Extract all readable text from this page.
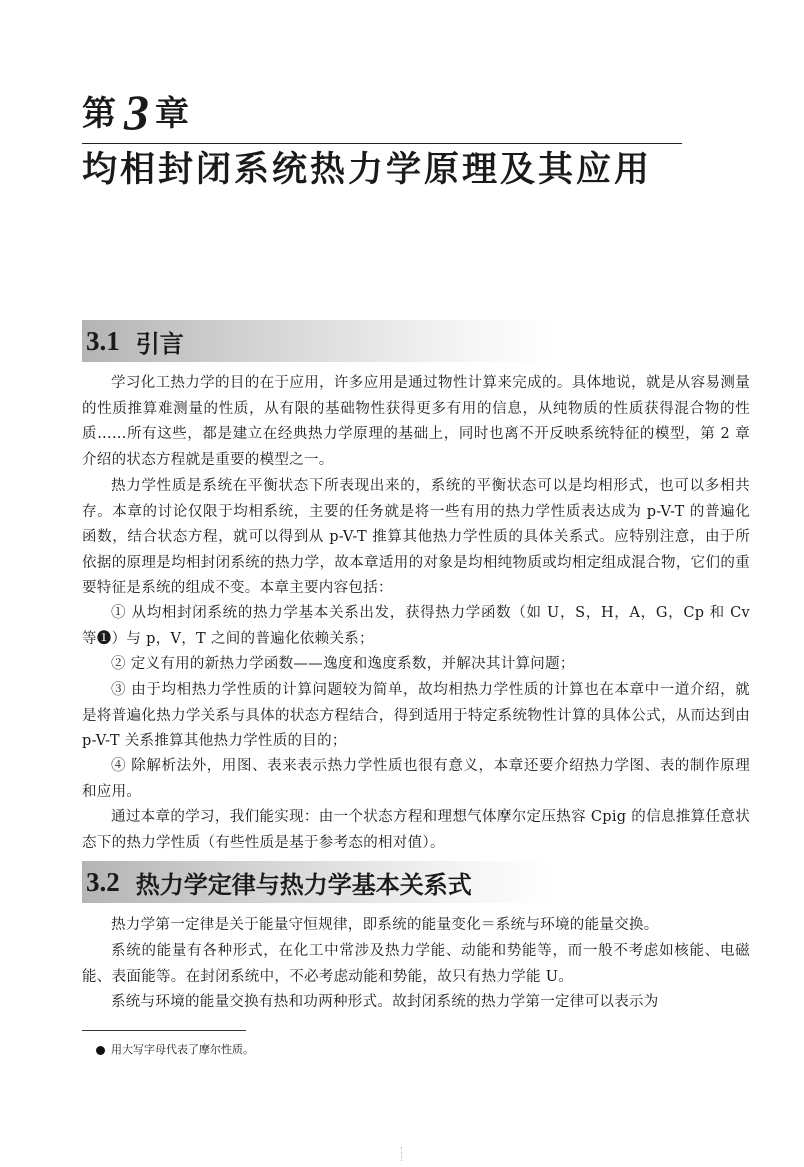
第 3 章
均相封闭系统热力学原理及其应用
3.1 引言

学习化工热力学的目的在于应用，许多应用是通过物性计算来完成的。具体地说，就是从容易测量的性质推算难测量的性质，从有限的基础物性获得更多有用的信息，从纯物质的性质获得混合物的性质……所有这些，都是建立在经典热力学原理的基础上，同时也离不开反映系统特征的模型，第 2 章介绍的状态方程就是重要的模型之一。

热力学性质是系统在平衡状态下所表现出来的，系统的平衡状态可以是均相形式，也可以多相共存。本章的讨论仅限于均相系统，主要的任务就是将一些有用的热力学性质表达成为 p-V-T 的普遍化函数，结合状态方程，就可以得到从 p-V-T 推算其他热力学性质的具体关系式。应特别注意，由于所依据的原理是均相封闭系统的热力学，故本章适用的对象是均相纯物质或均相定组成混合物，它们的重要特征是系统的组成不变。本章主要内容包括：

① 从均相封闭系统的热力学基本关系出发，获得热力学函数（如 U，S，H，A，G，Cp 和 Cv 等❶）与 p，V，T 之间的普遍化依赖关系；

② 定义有用的新热力学函数——逸度和逸度系数，并解决其计算问题；

③ 由于均相热力学性质的计算问题较为简单，故均相热力学性质的计算也在本章中一道介绍，就是将普遍化热力学关系与具体的状态方程结合，得到适用于特定系统物性计算的具体公式，从而达到由 p-V-T 关系推算其他热力学性质的目的；

④ 除解析法外，用图、表来表示热力学性质也很有意义，本章还要介绍热力学图、表的制作原理和应用。

通过本章的学习，我们能实现：由一个状态方程和理想气体摩尔定压热容 Cpig 的信息推算任意状态下的热力学性质（有些性质是基于参考态的相对值）。

3.2 热力学定律与热力学基本关系式

热力学第一定律是关于能量守恒规律，即系统的能量变化＝系统与环境的能量交换。

系统的能量有各种形式，在化工中常涉及热力学能、动能和势能等，而一般不考虑如核能、电磁能、表面能等。在封闭系统中，不必考虑动能和势能，故只有热力学能 U。

系统与环境的能量交换有热和功两种形式。故封闭系统的热力学第一定律可以表示为

用大写字母代表了摩尔性质。
